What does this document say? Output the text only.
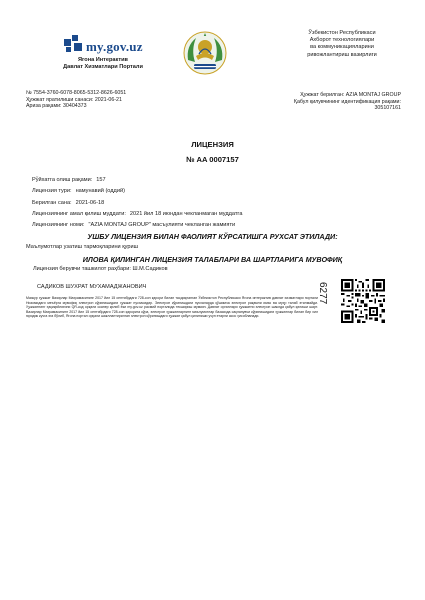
my.gov.uz
Ягона Интерактив
Давлат Хизматлари Портали
Ўзбекистон Республикаси
Ахборот технологиялари
ва коммуникацияларини
ривожлантириш вазирлиги
№ 7554-3760-6078-8065-5312-8626-6051
Ҳужжат яратилиши санаси: 2021-06-21
Ариза рақами: 30404373
Ҳужжат берилган: AZIA MONTAJ GROUP
Қабул қилувчининг идентификация рақами: 305107161
ЛИЦЕНЗИЯ
№ AA 0007157
Рўйхатга олиш рақами: 157
Лицензия тури: намунавий (оддий)
Берилган сана: 2021-06-18
Лицензиянинг амал қилиш муддати: 2021 йил 18 июндан чекланмаган муддатга
Лицензиянинг номи: "AZIA MONTAJ GROUP" масъулияти чекланган жамияти
УШБУ ЛИЦЕНЗИЯ БИЛАН ФАОЛИЯТ КЎРСАТИШГА РУХСАТ ЭТИЛАДИ:
Маълумотлар узатиш тармоқларини қуриш
ИЛОВА ҚИЛИНГАН ЛИЦЕНЗИЯ ТАЛАБЛАРИ ВА ШАРТЛАРИГА МУВОФИҚ
Лицензия берувчи ташкилот раҳбари: Ш.М.Садиков
САДИКОВ ШУХРАТ МУХАМАДЖАНОВИЧ
Мазкур ҳужжат Вазирлар Маҳкамасининг 2017 йил 15 сентябрдаги 728-сон қарори билан тасдиқланган Ўзбекистон Республикаси Ягона интерактив давлат хизматлари портали Низомидаги меъёрга мувофиқ электрон кўринишидаги ҳужжат нусхасидир. Электрон кўринишдаги нусхаларда қўшимча электрон рақамли имзо ва муҳр талаб этилмайди. Ҳужжатнинг ҳақиқийлигини QR-код орқали сканер қилиб ёки my.gov.uz расмий порталида текшириш мумкин. Давлат органлари ҳужжатни электрон шаклда қабул қилиши шарт. Вазирлар Маҳкамасининг 2017 йил 15 сентябрдаги 728-сон қарорига кўра, электрон ҳужжатларнинг маълумотлар базасида сақланувчи кўринишидаги ҳужжатлар билан бир хил юридик кучга эга бўлиб, Ягона портал орқали шакллантирилган электрон кўринишдаги ҳужжат қабул қилиниши учун етарли асос ҳисобланади.
6277
